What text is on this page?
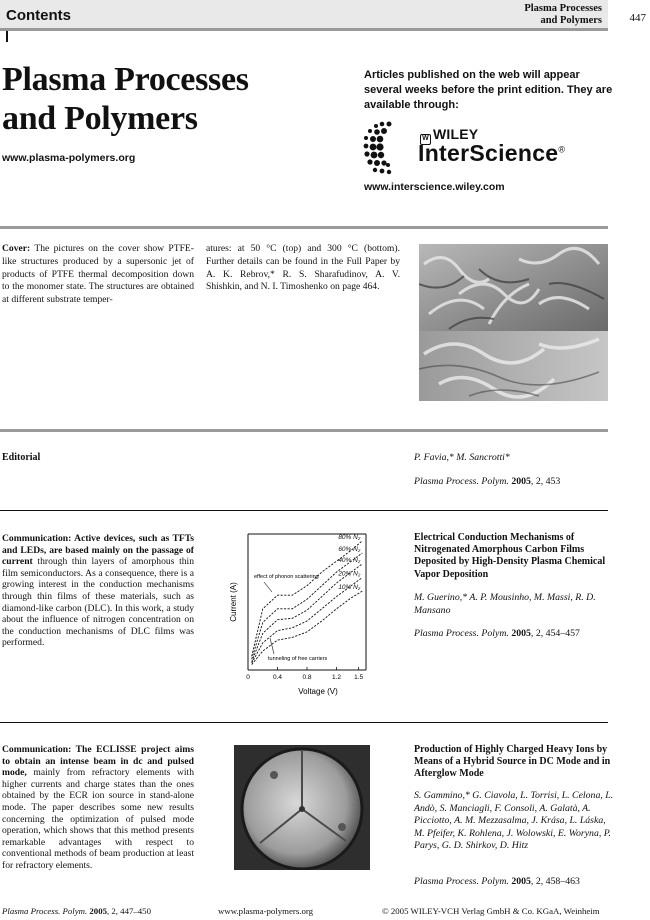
Contents	Plasma Processes
and Polymers	447
Plasma Processes
and Polymers
www.plasma-polymers.org
Articles published on the web will appear several weeks before the print edition. They are available through:
W WILEY
InterScience®
www.interscience.wiley.com
Cover: The pictures on the cover show PTFE-like structures produced by a supersonic jet of products of PTFE thermal decomposition down to the monomer state. The structures are obtained at different substrate temper-
atures: at 50 °C (top) and 300 °C (bottom). Further details can be found in the Full Paper by A. K. Rebrov,* R. S. Sharafudinov, A. V. Shishkin, and N. I. Timoshenko on page 464.
Editorial	P. Favia,* M. Sancrotti*
Plasma Process. Polym. 2005, 2, 453
Communication: Active devices, such as TFTs and LEDs, are based mainly on the passage of current through thin layers of amorphous thin film semiconductors. As a consequence, there is a growing interest in the conduction mechanisms through thin films of these materials, such as diamond-like carbon (DLC). In this work, a study about the influence of nitrogen concentration on the conduction mechanisms of DLC films was performed.
0	0.4	0.8	1.2 1.5
80% N₂
60% N₂
40% N₂
20% N₂
10% N₂
Voltage (V)
Current (A)
effect of phonon scattering
tunneling of free carriers
Electrical Conduction Mechanisms of Nitrogenated Amorphous Carbon Films Deposited by High-Density Plasma Chemical Vapor Deposition
M. Guerino,* A. P. Mousinho, M. Massi, R. D. Mansano
Plasma Process. Polym. 2005, 2, 454–457
Communication: The ECLISSE project aims to obtain an intense beam in dc and pulsed mode, mainly from refractory elements with higher currents and charge states than the ones obtained by the ECR ion source in stand-alone mode. The paper describes some new results concerning the optimization of pulsed mode operation, which shows that this method presents remarkable advantages with respect to conventional methods of beam production at least for refractory elements.
Production of Highly Charged Heavy Ions by Means of a Hybrid Source in DC Mode and in Afterglow Mode
S. Gammino,* G. Ciavola, L. Torrisi, L. Celona, L. Andò, S. Manciagli, F. Consoli, A. Galatà, A. Picciotto, A. M. Mezzasalma, J. Krása, L. Láska, M. Pfeifer, K. Rohlena, J. Wolowski, E. Woryna, P. Parys, G. D. Shirkov, D. Hitz
Plasma Process. Polym. 2005, 2, 458–463
Plasma Process. Polym. 2005, 2, 447–450	www.plasma-polymers.org	© 2005 WILEY-VCH Verlag GmbH & Co. KGaA, Weinheim
